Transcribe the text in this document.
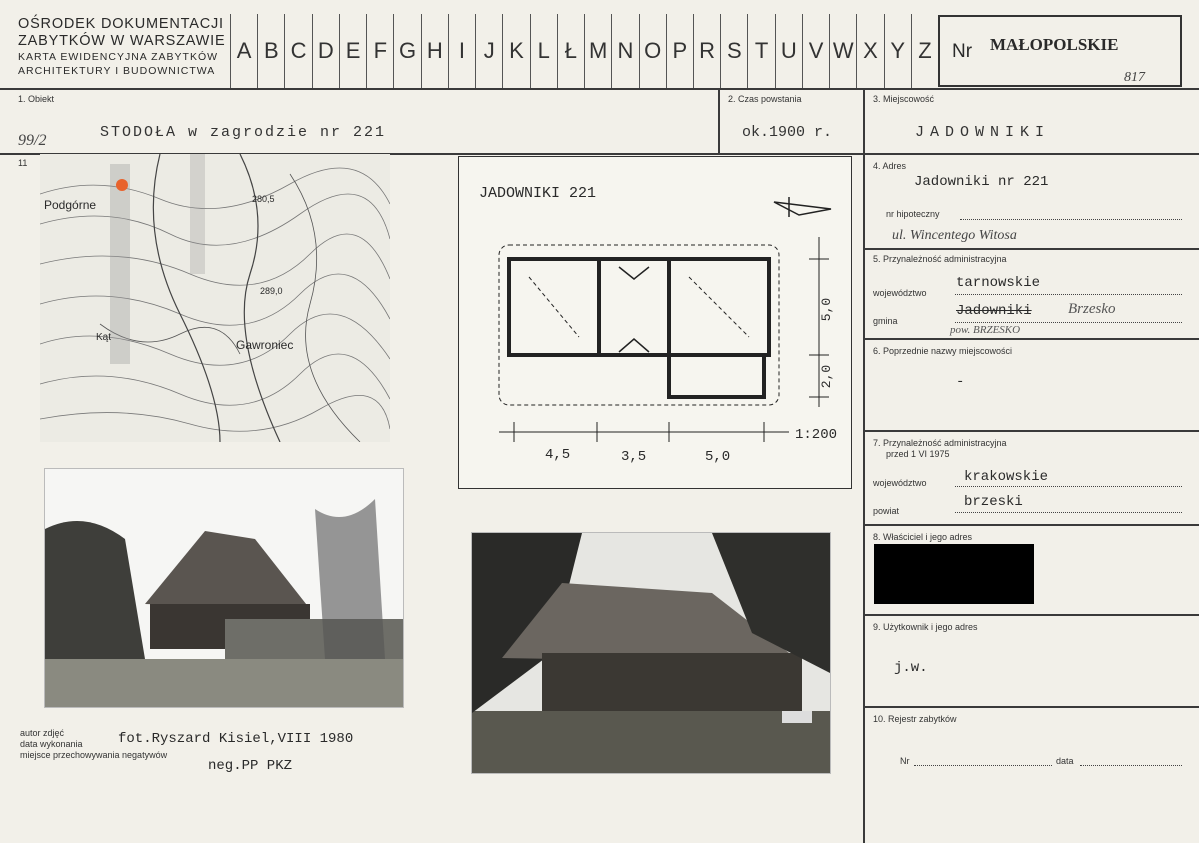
OŚRODEK DOKUMENTACJI
ZABYTKÓW W WARSZAWIE
KARTA EWIDENCYJNA ZABYTKÓW
ARCHITEKTURY I BUDOWNICTWA
A B C D E F G H I J K L Ł M N O P R S T U V W X Y Z	Nr MAŁOPOLSKIE
817
1. Obiekt
99/2	STODOŁA w zagrodzie nr 221
2. Czas powstania
ok.1900 r.
3. Miejscowość
JADOWNIKI
11
Podgórne
Gawroniec
Kąt
280,5
289,0
JADOWNIKI 221
1:200
4,5	3,5	5,0
5,0
2,0
autor zdjęć
data wykonania
miejsce przechowywania negatywów
fot.Ryszard Kisiel,VIII 1980
neg.PP PKZ
4. Adres
Jadowniki nr 221
nr hipoteczny
ul. Wincentego Witosa
5. Przynależność administracyjna
województwo
tarnowskie
gmina
Jadowniki Brzesko
pow. BRZESKO
6. Poprzednie nazwy miejscowości
-
7. Przynależność administracyjna
przed 1 VI 1975
województwo	krakowskie
powiat
brzeski
8. Właściciel i jego adres
9. Użytkownik i jego adres
j.w.
10. Rejestr zabytków
Nr	data
